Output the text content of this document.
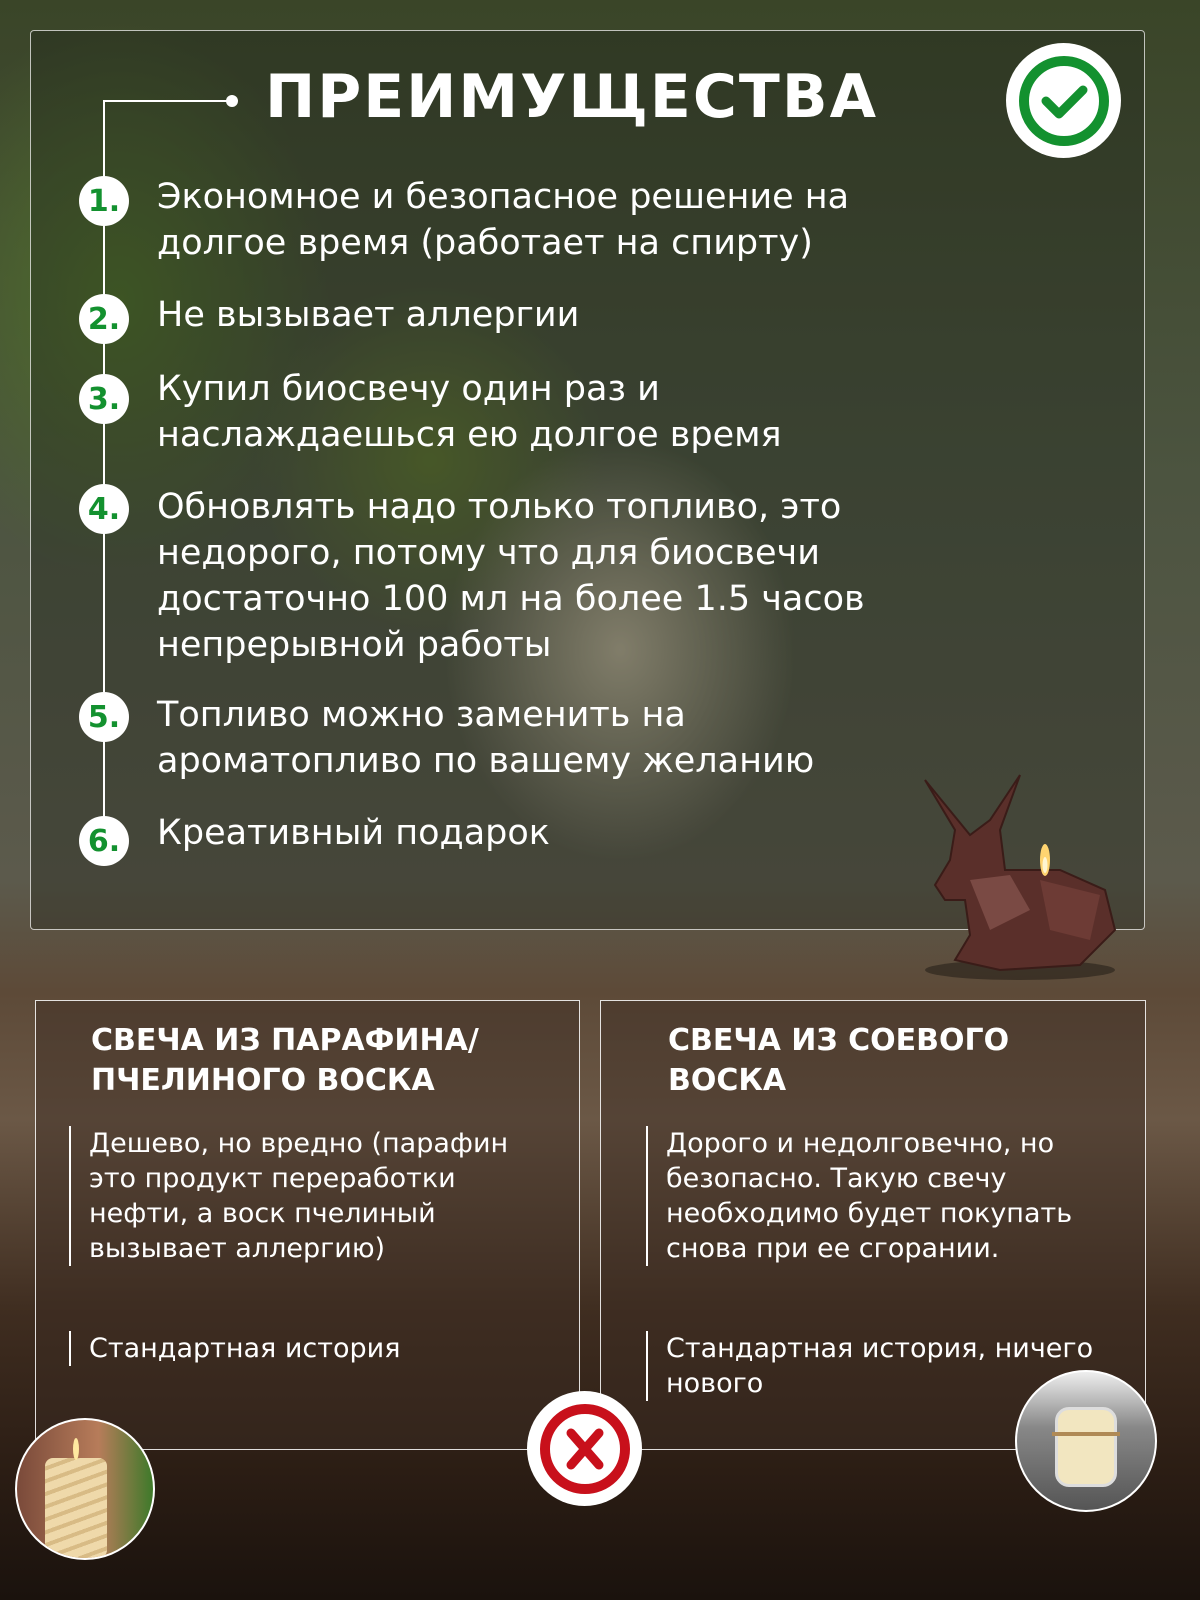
ПРЕИМУЩЕСТВА
1. Экономное и безопасное решение на долгое время (работает на спирту)
2. Не вызывает аллергии
3. Купил биосвечу один раз и наслаждаешься ею долгое время
4. Обновлять надо только топливо, это недорого, потому что для биосвечи достаточно 100 мл на более 1.5 часов непрерывной работы
5. Топливо можно заменить на ароматопливо по вашему желанию
6. Креативный подарок
СВЕЧА ИЗ ПАРАФИНА/ ПЧЕЛИНОГО ВОСКА
Дешево, но вредно (парафин это продукт переработки нефти, а воск пчелиный вызывает аллергию)
Стандартная история
СВЕЧА ИЗ СОЕВОГО ВОСКА
Дорого и недолговечно, но безопасно. Такую свечу необходимо будет покупать снова при ее сгорании.
Стандартная история, ничего нового
